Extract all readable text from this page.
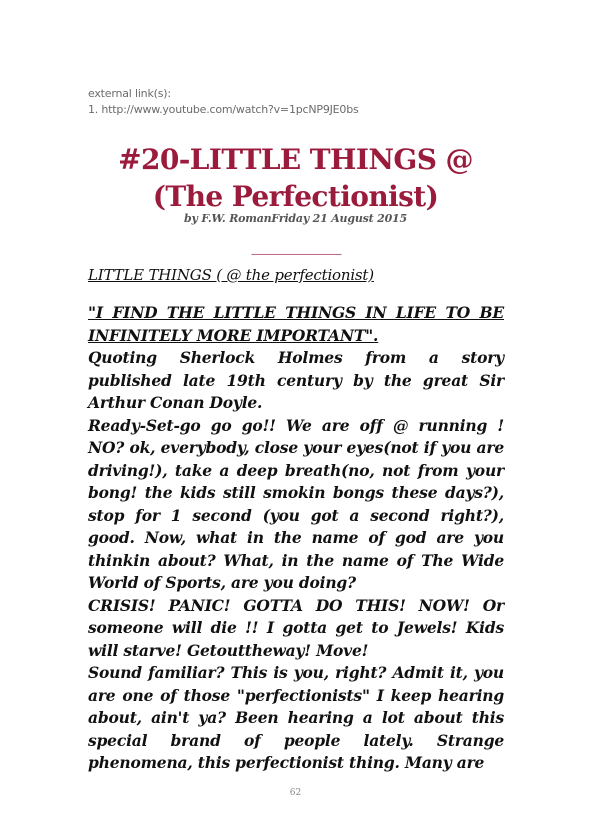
external link(s):
1. http://www.youtube.com/watch?v=1pcNP9JE0bs
#20-LITTLE THINGS @
(The Perfectionist)
by F.W. RomanFriday 21 August 2015
——————————
LITTLE THINGS ( @ the perfectionist)

"I FIND THE LITTLE THINGS IN LIFE TO BE INFINITELY MORE IMPORTANT".

Quoting Sherlock Holmes from a story published late 19th century by the great Sir Arthur Conan Doyle.

Ready-Set-go go go!! We are off @ running ! NO? ok, everybody, close your eyes(not if you are driving!), take a deep breath(no, not from your bong! the kids still smokin bongs these days?), stop for 1 second (you got a second right?), good. Now, what in the name of god are you thinkin about? What, in the name of The Wide World of Sports, are you doing?

CRISIS! PANIC! GOTTA DO THIS! NOW! Or someone will die !! I gotta get to Jewels! Kids will starve! Getouttheway! Move!

Sound familiar? This is you, right? Admit it, you are one of those "perfectionists" I keep hearing about, ain't ya? Been hearing a lot about this special brand of people lately. Strange phenomena, this perfectionist thing. Many are

62
